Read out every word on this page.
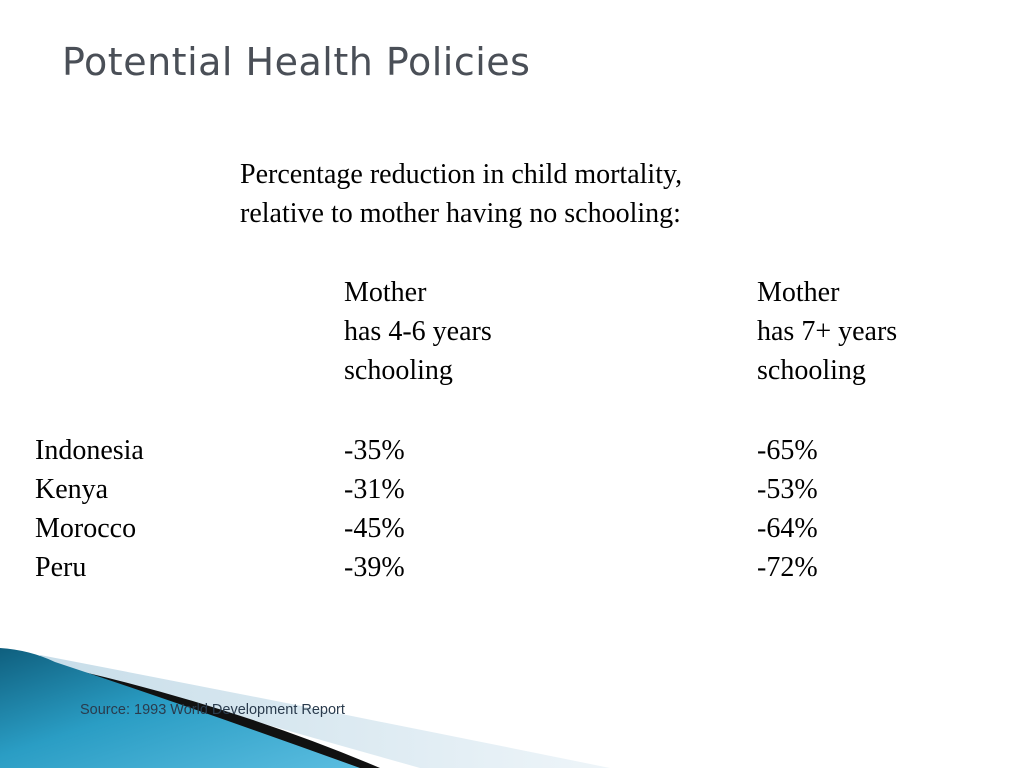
Potential Health Policies
Percentage reduction in child mortality,
relative to mother having no schooling:
Mother
has 4-6 years
schooling
Mother
has 7+ years
schooling
Indonesia	-35%	-65%
Kenya	-31%	-53%
Morocco	-45%	-64%
Peru	-39%	-72%
Source: 1993 World Development Report
